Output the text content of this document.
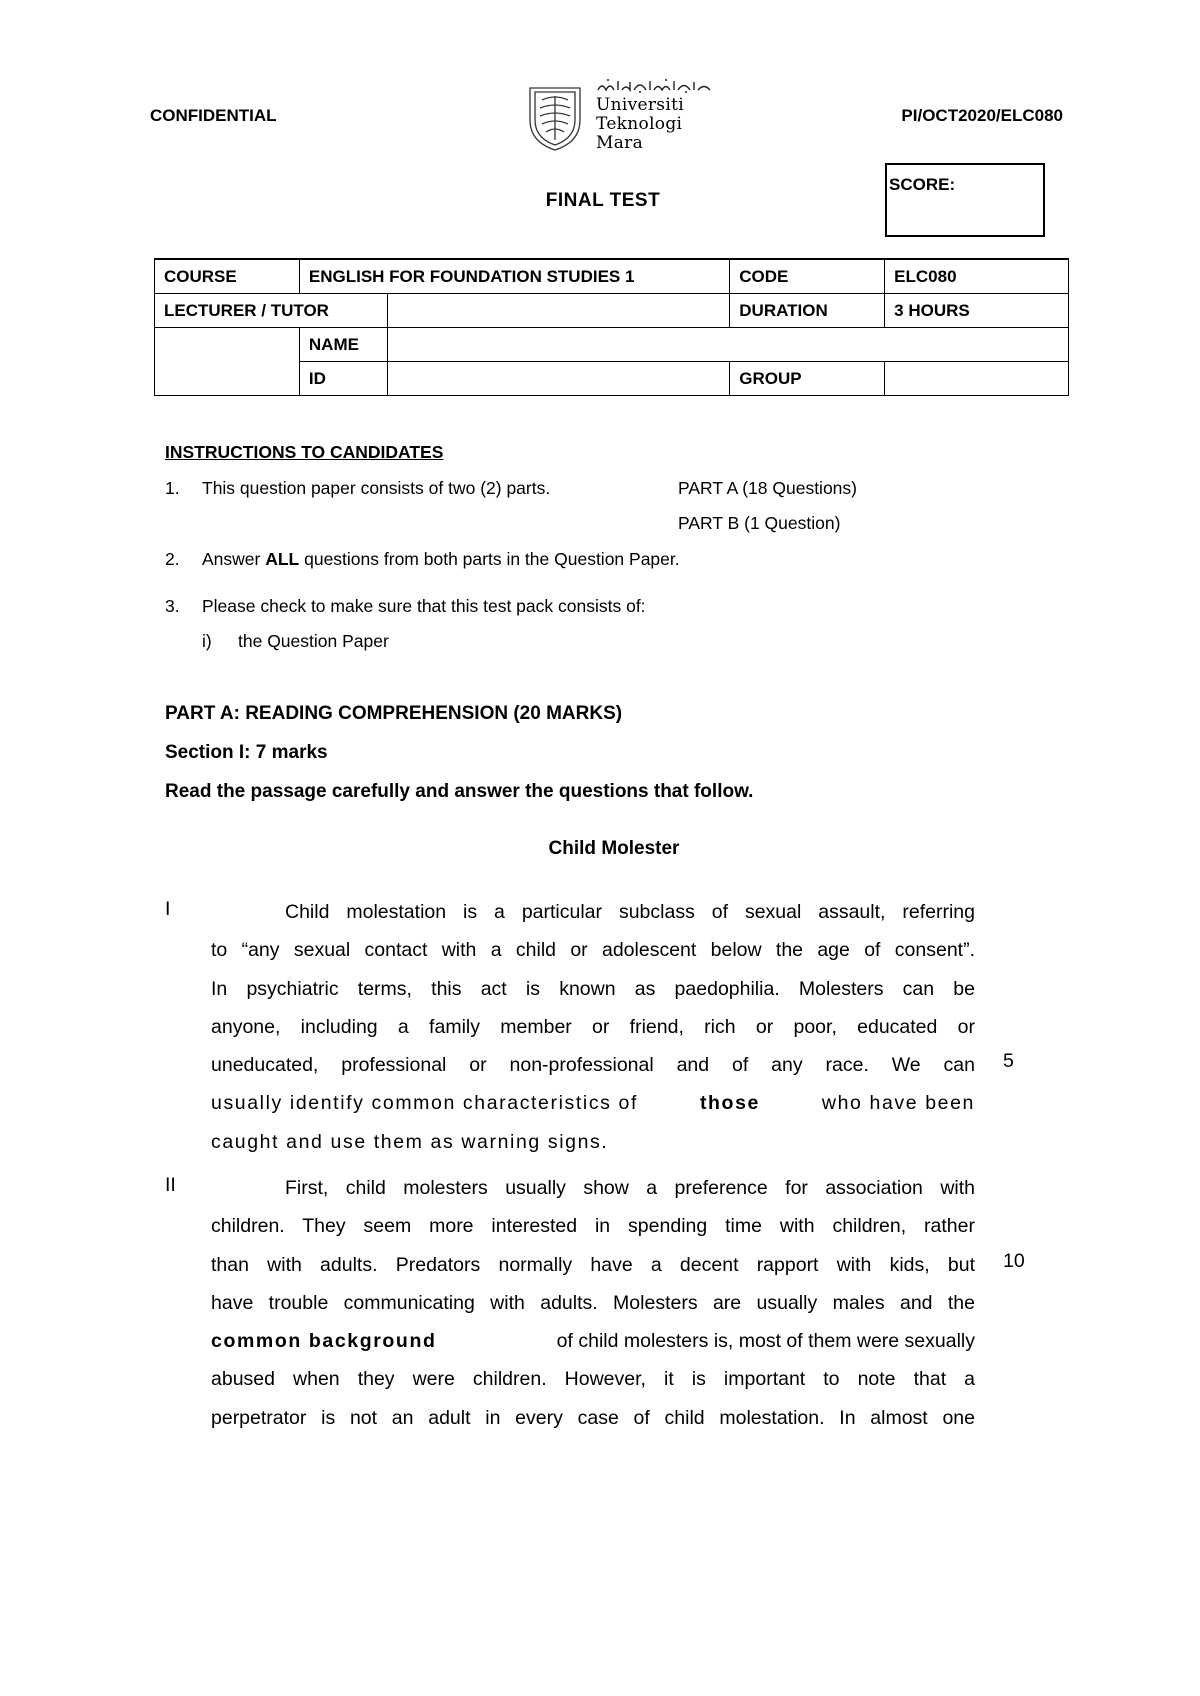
CONFIDENTIAL
Universiti
Teknologi
Mara
PI/OCT2020/ELC080
FINAL TEST
SCORE:
COURSE	ENGLISH FOR FOUNDATION STUDIES 1		CODE	ELC080
LECTURER / TUTOR			DURATION	3 HOURS
	NAME			
	ID		GROUP	
INSTRUCTIONS TO CANDIDATES
1. This question paper consists of two (2) parts.	PART A (18 Questions)
PART B (1 Question)
2. Answer ALL questions from both parts in the Question Paper.
3. Please check to make sure that this test pack consists of:
i) the Question Paper
PART A: READING COMPREHENSION (20 MARKS)
Section I: 7 marks
Read the passage carefully and answer the questions that follow.
Child Molester
I	Child molestation is a particular subclass of sexual assault, referring
to “any sexual contact with a child or adolescent below the age of consent”.
In psychiatric terms, this act is known as paedophilia. Molesters can be
anyone, including a family member or friend, rich or poor, educated or
uneducated, professional or non-professional and of any race. We can
usually identify common characteristics of	those	who have been
caught and use them as warning signs.
5
II	First, child molesters usually show a preference for association with
children. They seem more interested in spending time with children, rather
than with adults. Predators normally have a decent rapport with kids, but
have trouble communicating with adults. Molesters are usually males and the
common background	of child molesters is, most of them were sexually
abused when they were children. However, it is important to note that a
perpetrator is not an adult in every case of child molestation. In almost one
10
